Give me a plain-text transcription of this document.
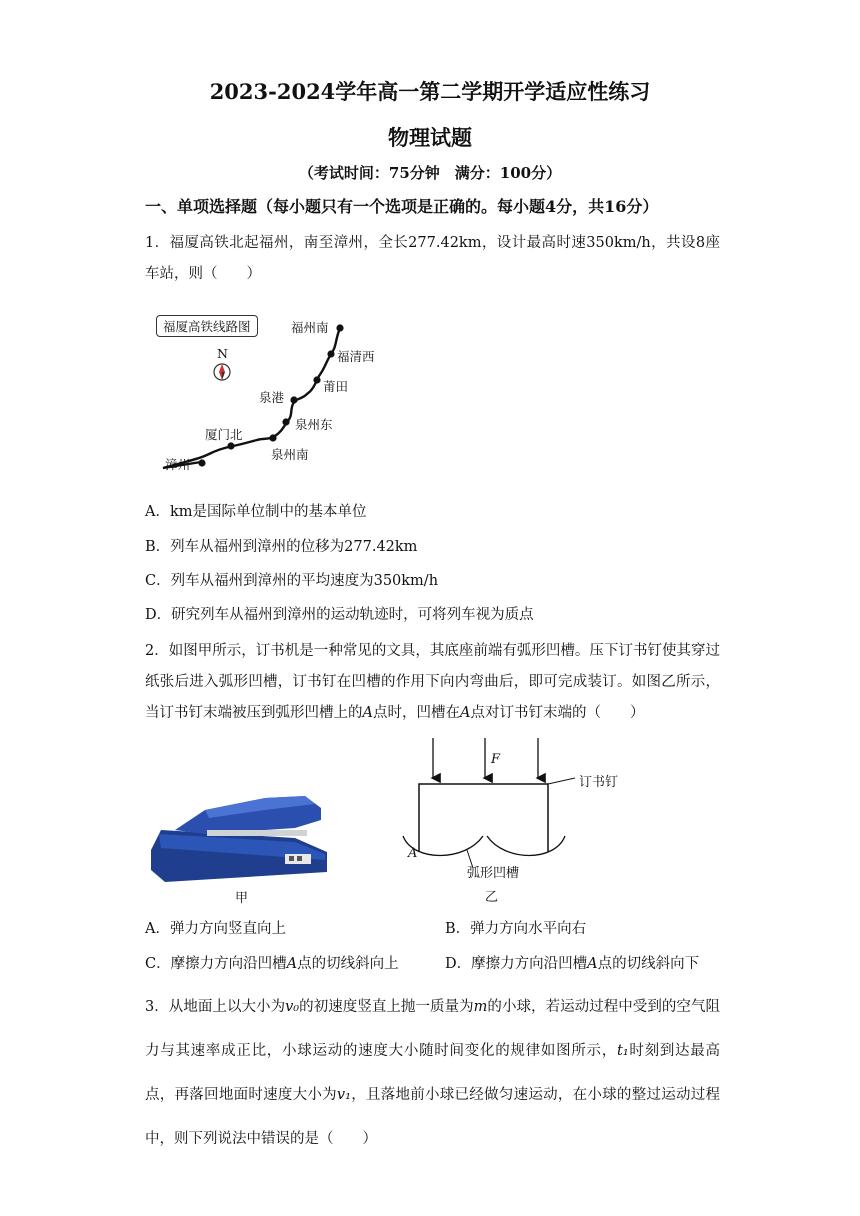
2023-2024学年高一第二学期开学适应性练习
物理试题
（考试时间：75分钟　满分：100分）
一、单项选择题（每小题只有一个选项是正确的。每小题4分，共16分）
1．福厦高铁北起福州，南至漳州，全长277.42km，设计最高时速350km/h，共设8座车站，则（　　）
福厦高铁线路图
N
福州南
福清西
莆田
泉港
泉州东
泉州南
厦门北
漳州
A．km是国际单位制中的基本单位
B．列车从福州到漳州的位移为277.42km
C．列车从福州到漳州的平均速度为350km/h
D．研究列车从福州到漳州的运动轨迹时，可将列车视为质点
2．如图甲所示，订书机是一种常见的文具，其底座前端有弧形凹槽。压下订书钉使其穿过纸张后进入弧形凹槽，订书钉在凹槽的作用下向内弯曲后，即可完成装订。如图乙所示，当订书钉末端被压到弧形凹槽上的A点时，凹槽在A点对订书钉末端的（　　）
甲
F
订书钉
A
弧形凹槽
乙
A．弹力方向竖直向上	B．弹力方向水平向右
C．摩擦力方向沿凹槽A点的切线斜向上	D．摩擦力方向沿凹槽A点的切线斜向下
3．从地面上以大小为v₀的初速度竖直上抛一质量为m的小球，若运动过程中受到的空气阻力与其速率成正比，小球运动的速度大小随时间变化的规律如图所示，t₁时刻到达最高点，再落回地面时速度大小为v₁，且落地前小球已经做匀速运动，在小球的整过运动过程中，则下列说法中错误的是（　　）
